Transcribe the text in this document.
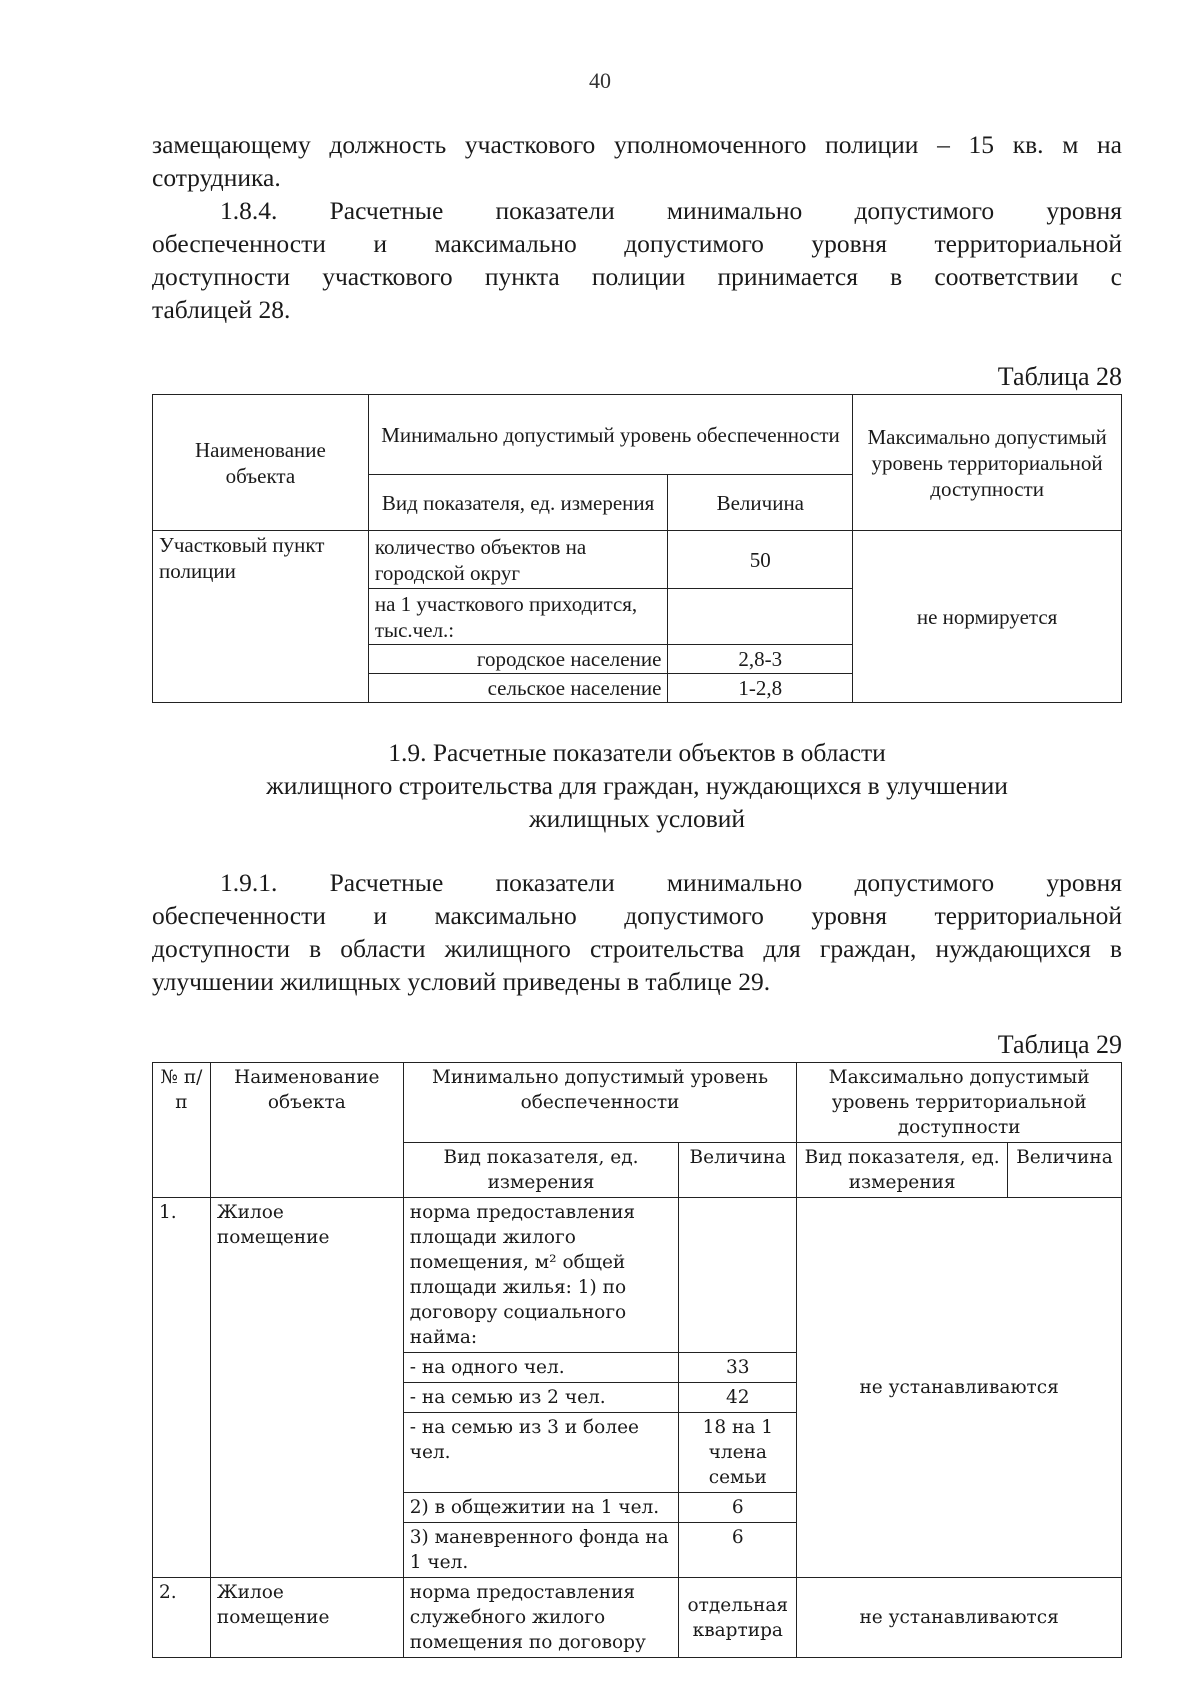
40
замещающему должность участкового уполномоченного полиции – 15 кв. м на
сотрудника.
1.8.4. Расчетные показатели минимально допустимого уровня
обеспеченности и максимально допустимого уровня территориальной
доступности участкового пункта полиции принимается в соответствии с
таблицей 28.
Таблица 28
Наименование объекта	Минимально допустимый уровень обеспеченности		Максимально допустимый уровень территориальной доступности
	Вид показателя, ед. измерения	Величина	
Участковый пункт полиции	количество объектов на городской округ	50	не нормируется
	на 1 участкового приходится, тыс.чел.:		
	городское население	2,8-3	
	сельское население	1-2,8	
1.9. Расчетные показатели объектов в области
жилищного строительства для граждан, нуждающихся в улучшении
жилищных условий
1.9.1. Расчетные показатели минимально допустимого уровня
обеспеченности и максимально допустимого уровня территориальной
доступности в области жилищного строительства для граждан, нуждающихся в
улучшении жилищных условий приведены в таблице 29.
Таблица 29
№ п/п	Наименование объекта	Минимально допустимый уровень обеспеченности		Максимально допустимый уровень территориальной доступности	
		Вид показателя, ед. измерения	Величина	Вид показателя, ед. измерения	Величина
1.	Жилое помещение	норма предоставления площади жилого помещения, м² общей площади жилья: 1) по договору социального найма:		не устанавливаются	
		- на одного чел.	33		
		- на семью из 2 чел.	42		
		- на семью из 3 и более чел.	18 на 1 члена семьи		
		2) в общежитии на 1 чел.	6		
		3) маневренного фонда на 1 чел.	6		
2.	Жилое помещение	норма предоставления служебного жилого помещения по договору	отдельная квартира	не устанавливаются	
